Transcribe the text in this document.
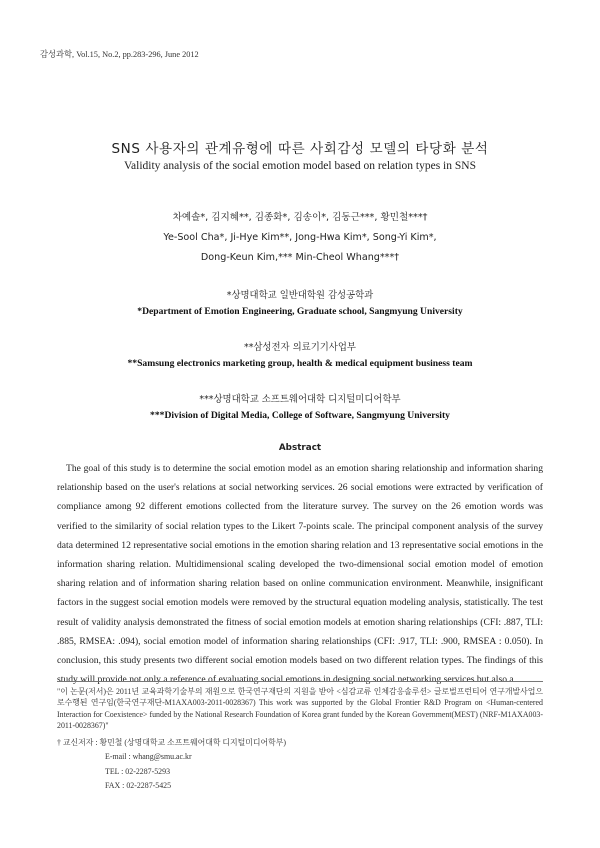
감성과학, Vol.15, No.2, pp.283-296, June 2012
SNS 사용자의 관계유형에 따른 사회감성 모델의 타당화 분석
Validity analysis of the social emotion model based on relation types in SNS
차예솔*, 김지혜**, 김종화*, 김송이*, 김동근***, 황민철***†
Ye-Sool Cha*, Ji-Hye Kim**, Jong-Hwa Kim*, Song-Yi Kim*,
Dong-Keun Kim,*** Min-Cheol Whang***†
*상명대학교 일반대학원 감성공학과
*Department of Emotion Engineering, Graduate school, Sangmyung University
**삼성전자 의료기기사업부
**Samsung electronics marketing group, health & medical equipment business team
***상명대학교 소프트웨어대학 디지털미디어학부
***Division of Digital Media, College of Software, Sangmyung University
Abstract

The goal of this study is to determine the social emotion model as an emotion sharing relationship and information sharing relationship based on the user's relations at social networking services. 26 social emotions were extracted by verification of compliance among 92 different emotions collected from the literature survey. The survey on the 26 emotion words was verified to the similarity of social relation types to the Likert 7-points scale. The principal component analysis of the survey data determined 12 representative social emotions in the emotion sharing relation and 13 representative social emotions in the information sharing relation. Multidimensional scaling developed the two-dimensional social emotion model of emotion sharing relation and of information sharing relation based on online communication environment. Meanwhile, insignificant factors in the suggest social emotion models were removed by the structural equation modeling analysis, statistically. The test result of validity analysis demonstrated the fitness of social emotion models at emotion sharing relationships (CFI: .887, TLI: .885, RMSEA: .094), social emotion model of information sharing relationships (CFI: .917, TLI: .900, RMSEA : 0.050). In conclusion, this study presents two different social emotion models based on two different relation types. The findings of this study will provide not only a reference of evaluating social emotions in designing social networking services but also a

"이 논문(저서)은 2011년 교육과학기술부의 재원으로 한국연구재단의 지원을 받아 <심감교류 인체감응솔루션> 글로벌프런티어 연구개발사업으로수행된 연구임(한국연구재단-M1AXA003-2011-0028367) This work was supported by the Global Frontier R&D Program on <Human-centered Interaction for Coexistence> funded by the National Research Foundation of Korea grant funded by the Korean Government(MEST) (NRF-M1AXA003-2011-0028367)"
† 교신저자 : 황민철 (상명대학교 소프트웨어대학 디지털미디어학부)
E-mail : whang@smu.ac.kr
TEL : 02-2287-5293
FAX : 02-2287-5425
